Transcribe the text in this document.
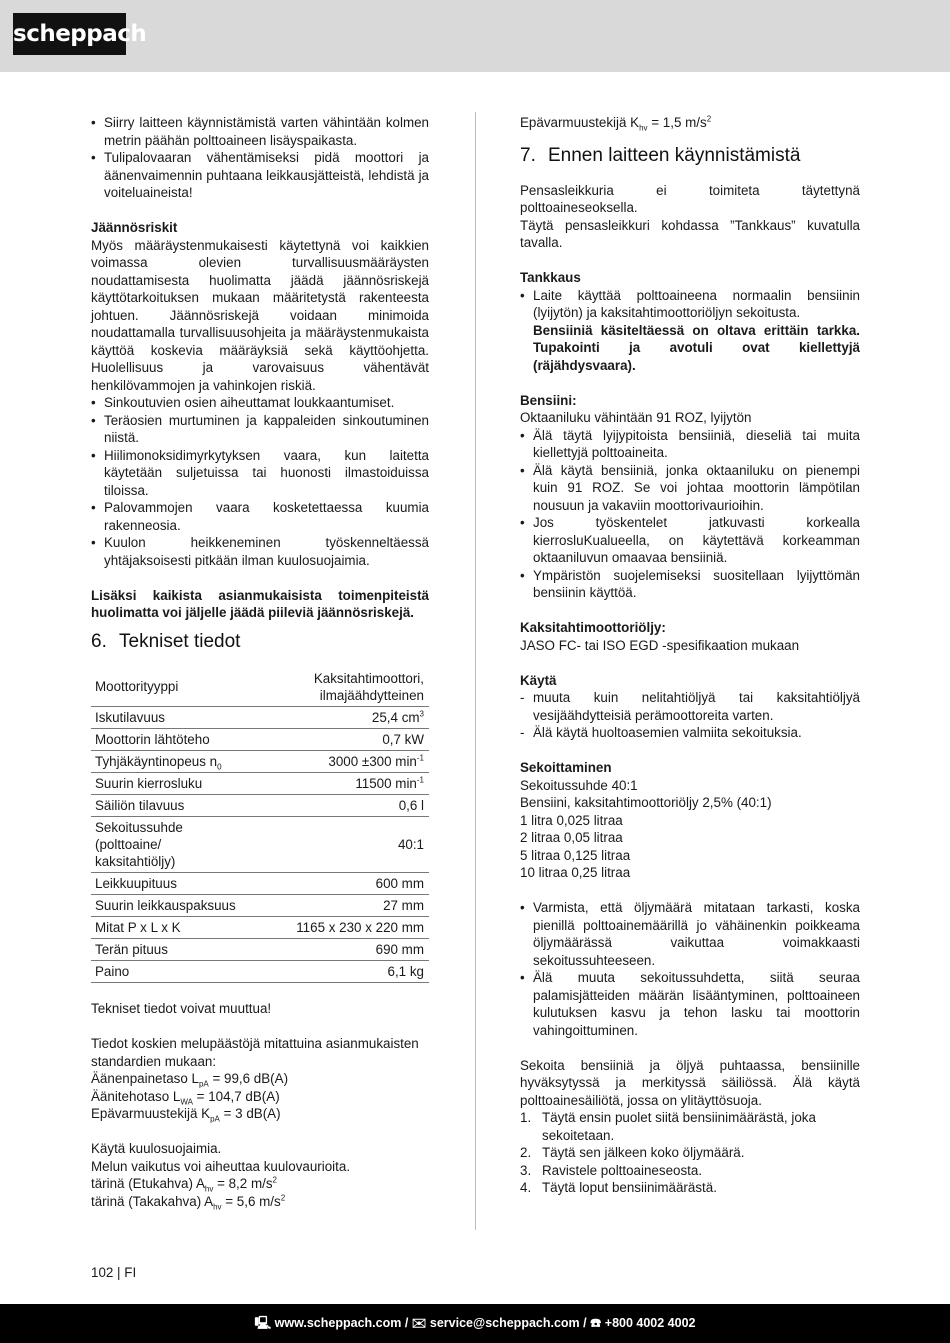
scheppach
• Siirry laitteen käynnistämistä varten vähintään kolmen metrin päähän polttoaineen lisäyspaikasta.
• Tulipalovaaran vähentämiseksi pidä moottori ja äänenvaimennin puhtaana leikkausjätteistä, lehdistä ja voiteluaineista!

Jäännösriskit

Myös määräystenmukaisesti käytettynä voi kaikkien voimassa olevien turvallisuusmääräysten noudattamisesta huolimatta jäädä jäännösriskejä käyttötarkoituksen mukaan määritetystä rakenteesta johtuen. Jäännösriskejä voidaan minimoida noudattamalla turvallisuusohjeita ja määräystenmukaista käyttöä koskevia määräyksiä sekä käyttöohjetta. Huolellisuus ja varovaisuus vähentävät henkilövammojen ja vahinkojen riskiä.

• Sinkoutuvien osien aiheuttamat loukkaantumiset.
• Teräosien murtuminen ja kappaleiden sinkoutuminen niistä.
• Hiilimonoksidimyrkytyksen vaara, kun laitetta käytetään suljetuissa tai huonosti ilmastoiduissa tiloissa.
• Palovammojen vaara kosketettaessa kuumia rakenneosia.
• Kuulon heikkeneminen työskenneltäessä yhtäjaksoisesti pitkään ilman kuulosuojaimia.

Lisäksi kaikista asianmukaisista toimenpiteistä huolimatta voi jäljelle jäädä piileviä jäännösriskejä.

6. Tekniset tiedot
Moottorityyppi	Kaksitahtimoottori, ilmajäähdytteinen
Iskutilavuus	25,4 $cm^3$
Moottorin lähtöteho	0,7 kW
Tyhjäkäyntinopeus $n_0$	3000 ±300 $\min^{-1}$
Suurin kierrosluku	11500 $\min^{-1}$
Säiliön tilavuus	0,6 l
Sekoitussuhde (polttoaine/ kaksitahtiöljy)	40:1
Leikkuupituus	600 mm
Suurin leikkauspaksuus	27 mm
Mitat P x L x K	1165 x 230 x 220 mm
Terän pituus	690 mm
Paino	6,1 kg

Tekniset tiedot voivat muuttua!

Tiedot koskien melupäästöjä mitattuina asianmukaisten standardien mukaan:

Äänenpainetaso $L_{pA} = 99,6$ dB(A)

Äänitehotaso $L_{WA} = 104,7$ dB(A)

Epävarmuustekijä $K_{pA} = 3$ dB(A)

Käytä kuulosuojaimia.

Melun vaikutus voi aiheuttaa kuulovaurioita.

tärinä (Etukahva) $A_{hv} = 8,2$ $m/s^2$

tärinä (Takakahva) $A_{hv} = 5,6$ $m/s^2$

Epävarmuustekijä $K_{hv} = 1,5$ $m/s^2$

7. Ennen laitteen käynnistämistä

Pensasleikkuria ei toimiteta täytettynä polttoaineseoksella.

Täytä pensasleikkuri kohdassa ”Tankkaus” kuvatulla tavalla.

Tankkaus

• Laite käyttää polttoaineena normaalin bensiinin (lyijytön) ja kaksitahtimoottoriöljyn sekoitusta.
Bensiiniä käsiteltäessä on oltava erittäin tarkka. Tupakointi ja avotuli ovat kiellettyjä (räjähdysvaara).

Bensiini:

Oktaaniluku vähintään 91 ROZ, lyijytön

• Älä täytä lyijypitoista bensiiniä, dieseliä tai muita kiellettyjä polttoaineita.
• Älä käytä bensiiniä, jonka oktaaniluku on pienempi kuin 91 ROZ. Se voi johtaa moottorin lämpötilan nousuun ja vakaviin moottorivaurioihin.
• Jos työskentelet jatkuvasti korkealla kierrosluKualueella, on käytettävä korkeamman oktaaniluvun omaavaa bensiiniä.
• Ympäristön suojelemiseksi suositellaan lyijyttömän bensiinin käyttöä.

Kaksitahtimoottoriöljy:

JASO FC- tai ISO EGD -spesifikaation mukaan

Käytä

- muuta kuin nelitahtiöljyä tai kaksitahtiöljyä vesijäähdytteisiä perämoottoreita varten.
- Älä käytä huoltoasemien valmiita sekoituksia.

Sekoittaminen

Sekoitussuhde 40:1

Bensiini, kaksitahtimoottoriöljy 2,5% (40:1)

1 litra 0,025 litraa

2 litraa 0,05 litraa

5 litraa 0,125 litraa

10 litraa 0,25 litraa

• Varmista, että öljymäärä mitataan tarkasti, koska pienillä polttoainemäärillä jo vähäinenkin poikkeama öljymäärässä vaikuttaa voimakkaasti sekoitussuhteeseen.
• Älä muuta sekoitussuhdetta, siitä seuraa palamisjätteiden määrän lisääntyminen, polttoaineen kulutuksen kasvu ja tehon lasku tai moottorin vahingoittuminen.

Sekoita bensiiniä ja öljyä puhtaassa, bensiinille hyväksytyssä ja merkityssä säiliössä. Älä käytä polttoainesäiliötä, jossa on ylitäyttösuoja.

1. Täytä ensin puolet siitä bensiinimäärästä, joka sekoitetaan.
2. Täytä sen jälkeen koko öljymäärä.
3. Ravistele polttoaineseosta.
4. Täytä loput bensiinimäärästä.
102 | FI
🖳 www.scheppach.com / ✉ service@scheppach.com / ☎ +800 4002 4002
